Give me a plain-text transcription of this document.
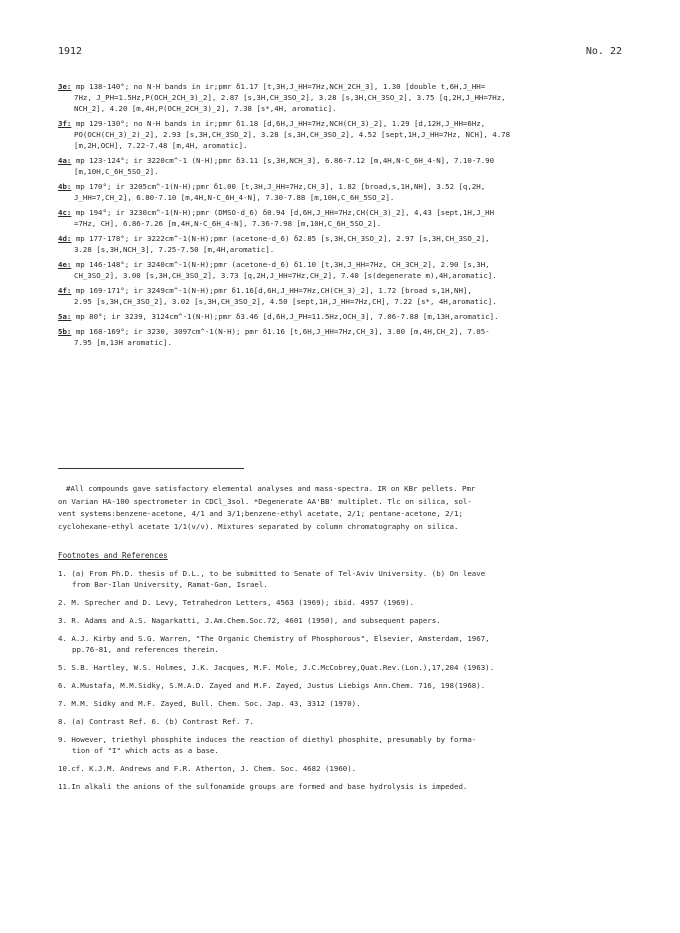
1912	No. 22
3e: mp 138-140°; no N-H bands in ir;pmr δ1.17 [t,3H,J_HH=7Hz,NCH_2CH_3], 1.30 [double t,6H,J_HH=
7Hz, J_PH=1.5Hz,P(OCH_2CH_3)_2], 2.87 [s,3H,CH_3SO_2], 3.28 [s,3H,CH_3SO_2], 3.75 [q,2H,J_HH=7Hz,
NCH_2], 4.20 [m,4H,P(OCH_2CH_3)_2], 7.38 [s*,4H, aromatic].
3f: mp 129-130°; no N-H bands in ir;pmr δ1.18 [d,6H,J_HH=7Hz,NCH(CH_3)_2], 1.29 [d,12H,J_HH=6Hz,
PO(OCH(CH_3)_2)_2], 2.93 [s,3H,CH_3SO_2], 3.28 [s,3H,CH_3SO_2], 4.52 [sept,1H,J_HH=7Hz, NCH], 4.78
[m,2H,OCH], 7.22-7.48 [m,4H, aromatic].
4a: mp 123-124°; ir 3220cm^-1 (N-H);pmr δ3.11 [s,3H,NCH_3], 6.86-7.12 [m,4H,N-C_6H_4-N], 7.10-7.90
[m,10H,C_6H_5SO_2].
4b: mp 170°; ir 3205cm^-1(N-H);pmr δ1.00 [t,3H,J_HH=7Hz,CH_3], 1.82 [broad,s,1H,NH], 3.52 [q,2H,
J_HH=7,CH_2], 6.80-7.10 [m,4H,N-C_6H_4-N], 7.30-7.88 [m,10H,C_6H_5SO_2].
4c: mp 194°; ir 3230cm^-1(N-H);pmr (DMSO-d_6) δ0.94 [d,6H,J_HH=7Hz,CH(CH_3)_2], 4,43 [sept,1H,J_HH
=7Hz, CH], 6.86-7.26 [m,4H,N-C_6H_4-N], 7.36-7.98 [m,10H,C_6H_5SO_2].
4d: mp 177-178°; ir 3222cm^-1(N-H);pmr (acetone-d_6) δ2.85 [s,3H,CH_3SO_2], 2.97 [s,3H,CH_3SO_2],
3.28 [s,3H,NCH_3], 7.25-7.50 [m,4H,aromatic].
4e: mp 146-148°; ir 3240cm^-1(N-H);pmr (acetone-d_6) δ1.10 [t,3H,J_HH=7Hz, CH_3CH_2], 2.90 [s,3H,
CH_3SO_2], 3.00 [s,3H,CH_3SO_2], 3.73 [q,2H,J_HH=7Hz,CH_2], 7.40 [s(degenerate m),4H,aromatic].
4f: mp 169-171°; ir 3249cm^-1(N-H);pmr δ1.16[d,6H,J_HH=7Hz,CH(CH_3)_2], 1.72 [broad s,1H,NH],
2.95 [s,3H,CH_3SO_2], 3.02 [s,3H,CH_3SO_2], 4.50 [sept,1H,J_HH=7Hz,CH], 7.22 [s*, 4H,aromatic].
5a: mp 80°; ir 3239, 3124cm^-1(N-H);pmr δ3.46 [d,6H,J_PH=11.5Hz,OCH_3], 7.06-7.88 [m,13H,aromatic].
5b: mp 168-169°; ir 3230, 3097cm^-1(N-H); pmr δ1.16 [t,6H,J_HH=7Hz,CH_3], 3.80 [m,4H,CH_2], 7.05-
7.95 [m,13H aromatic].
#All compounds gave satisfactory elemental analyses and mass-spectra. IR on KBr pellets. Pmr
on Varian HA-100 spectrometer in CDCl_3sol. *Degenerate AA'BB' multiplet. Tlc on silica, sol-
vent systems:benzene-acetone, 4/1 and 3/1;benzene-ethyl acetate, 2/1; pentane-acetone, 2/1;
cyclohexane-ethyl acetate 1/1(v/v). Mixtures separated by column chromatography on silica.
Footnotes and References
1. (a) From Ph.D. thesis of D.L., to be submitted to Senate of Tel-Aviv University. (b) On leave
from Bar-Ilan University, Ramat-Gan, Israel.
2. M. Sprecher and D. Levy, Tetrahedron Letters, 4563 (1969); ibid. 4957 (1969).
3. R. Adams and A.S. Nagarkatti, J.Am.Chem.Soc.72, 4601 (1950), and subsequent papers.
4. A.J. Kirby and S.G. Warren, "The Organic Chemistry of Phosphorous", Elsevier, Amsterdam, 1967,
pp.76-81, and references therein.
5. S.B. Hartley, W.S. Holmes, J.K. Jacques, M.F. Mole, J.C.McCobrey,Quat.Rev.(Lon.),17,204 (1963).
6. A.Mustafa, M.M.Sidky, S.M.A.D. Zayed and M.F. Zayed, Justus Liebigs Ann.Chem. 716, 198(1968).
7. M.M. Sidky and M.F. Zayed, Bull. Chem. Soc. Jap. 43, 3312 (1970).
8. (a) Contrast Ref. 6. (b) Contrast Ref. 7.
9. However, triethyl phosphite induces the reaction of diethyl phosphite, presumably by forma-
tion of "I" which acts as a base.
10.cf. K.J.M. Andrews and F.R. Atherton, J. Chem. Soc. 4682 (1960).
11.In alkali the anions of the sulfonamide groups are formed and base hydrolysis is impeded.
